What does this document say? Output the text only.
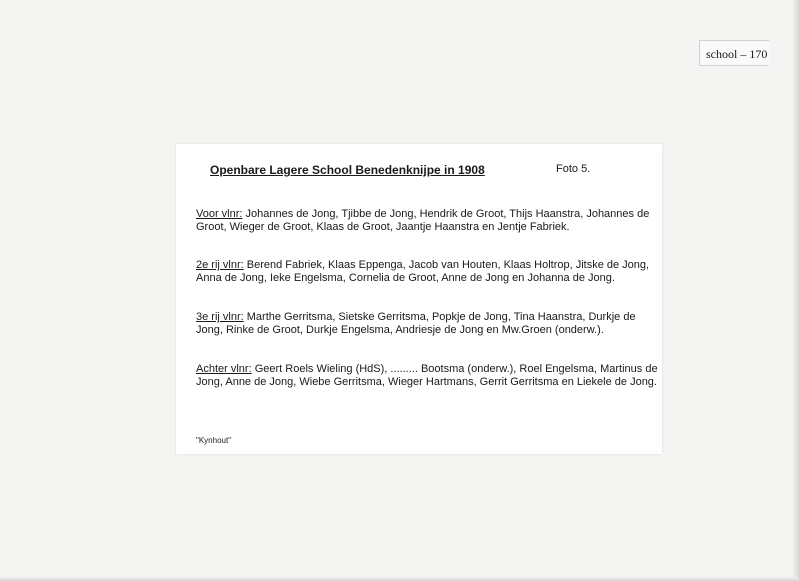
school – 170
Openbare Lagere School Benedenknijpe in 1908	Foto 5.
Voor vlnr: Johannes de Jong, Tjibbe de Jong, Hendrik de Groot, Thijs Haanstra, Johannes de Groot, Wieger de Groot, Klaas de Groot, Jaantje Haanstra en Jentje Fabriek.
2e rij vlnr: Berend Fabriek, Klaas Eppenga, Jacob van Houten, Klaas Holtrop, Jitske de Jong, Anna de Jong, Ieke Engelsma, Cornelia de Groot, Anne de Jong en Johanna de Jong.
3e rij vlnr: Marthe Gerritsma, Sietske Gerritsma, Popkje de Jong, Tina Haanstra, Durkje de Jong, Rinke de Groot, Durkje Engelsma, Andriesje de Jong en Mw.Groen (onderw.).
Achter vlnr: Geert Roels Wieling (HdS), ......... Bootsma (onderw.), Roel Engelsma, Martinus de Jong, Anne de Jong, Wiebe Gerritsma, Wieger Hartmans, Gerrit Gerritsma en Liekele de Jong.
"Kynhout"
